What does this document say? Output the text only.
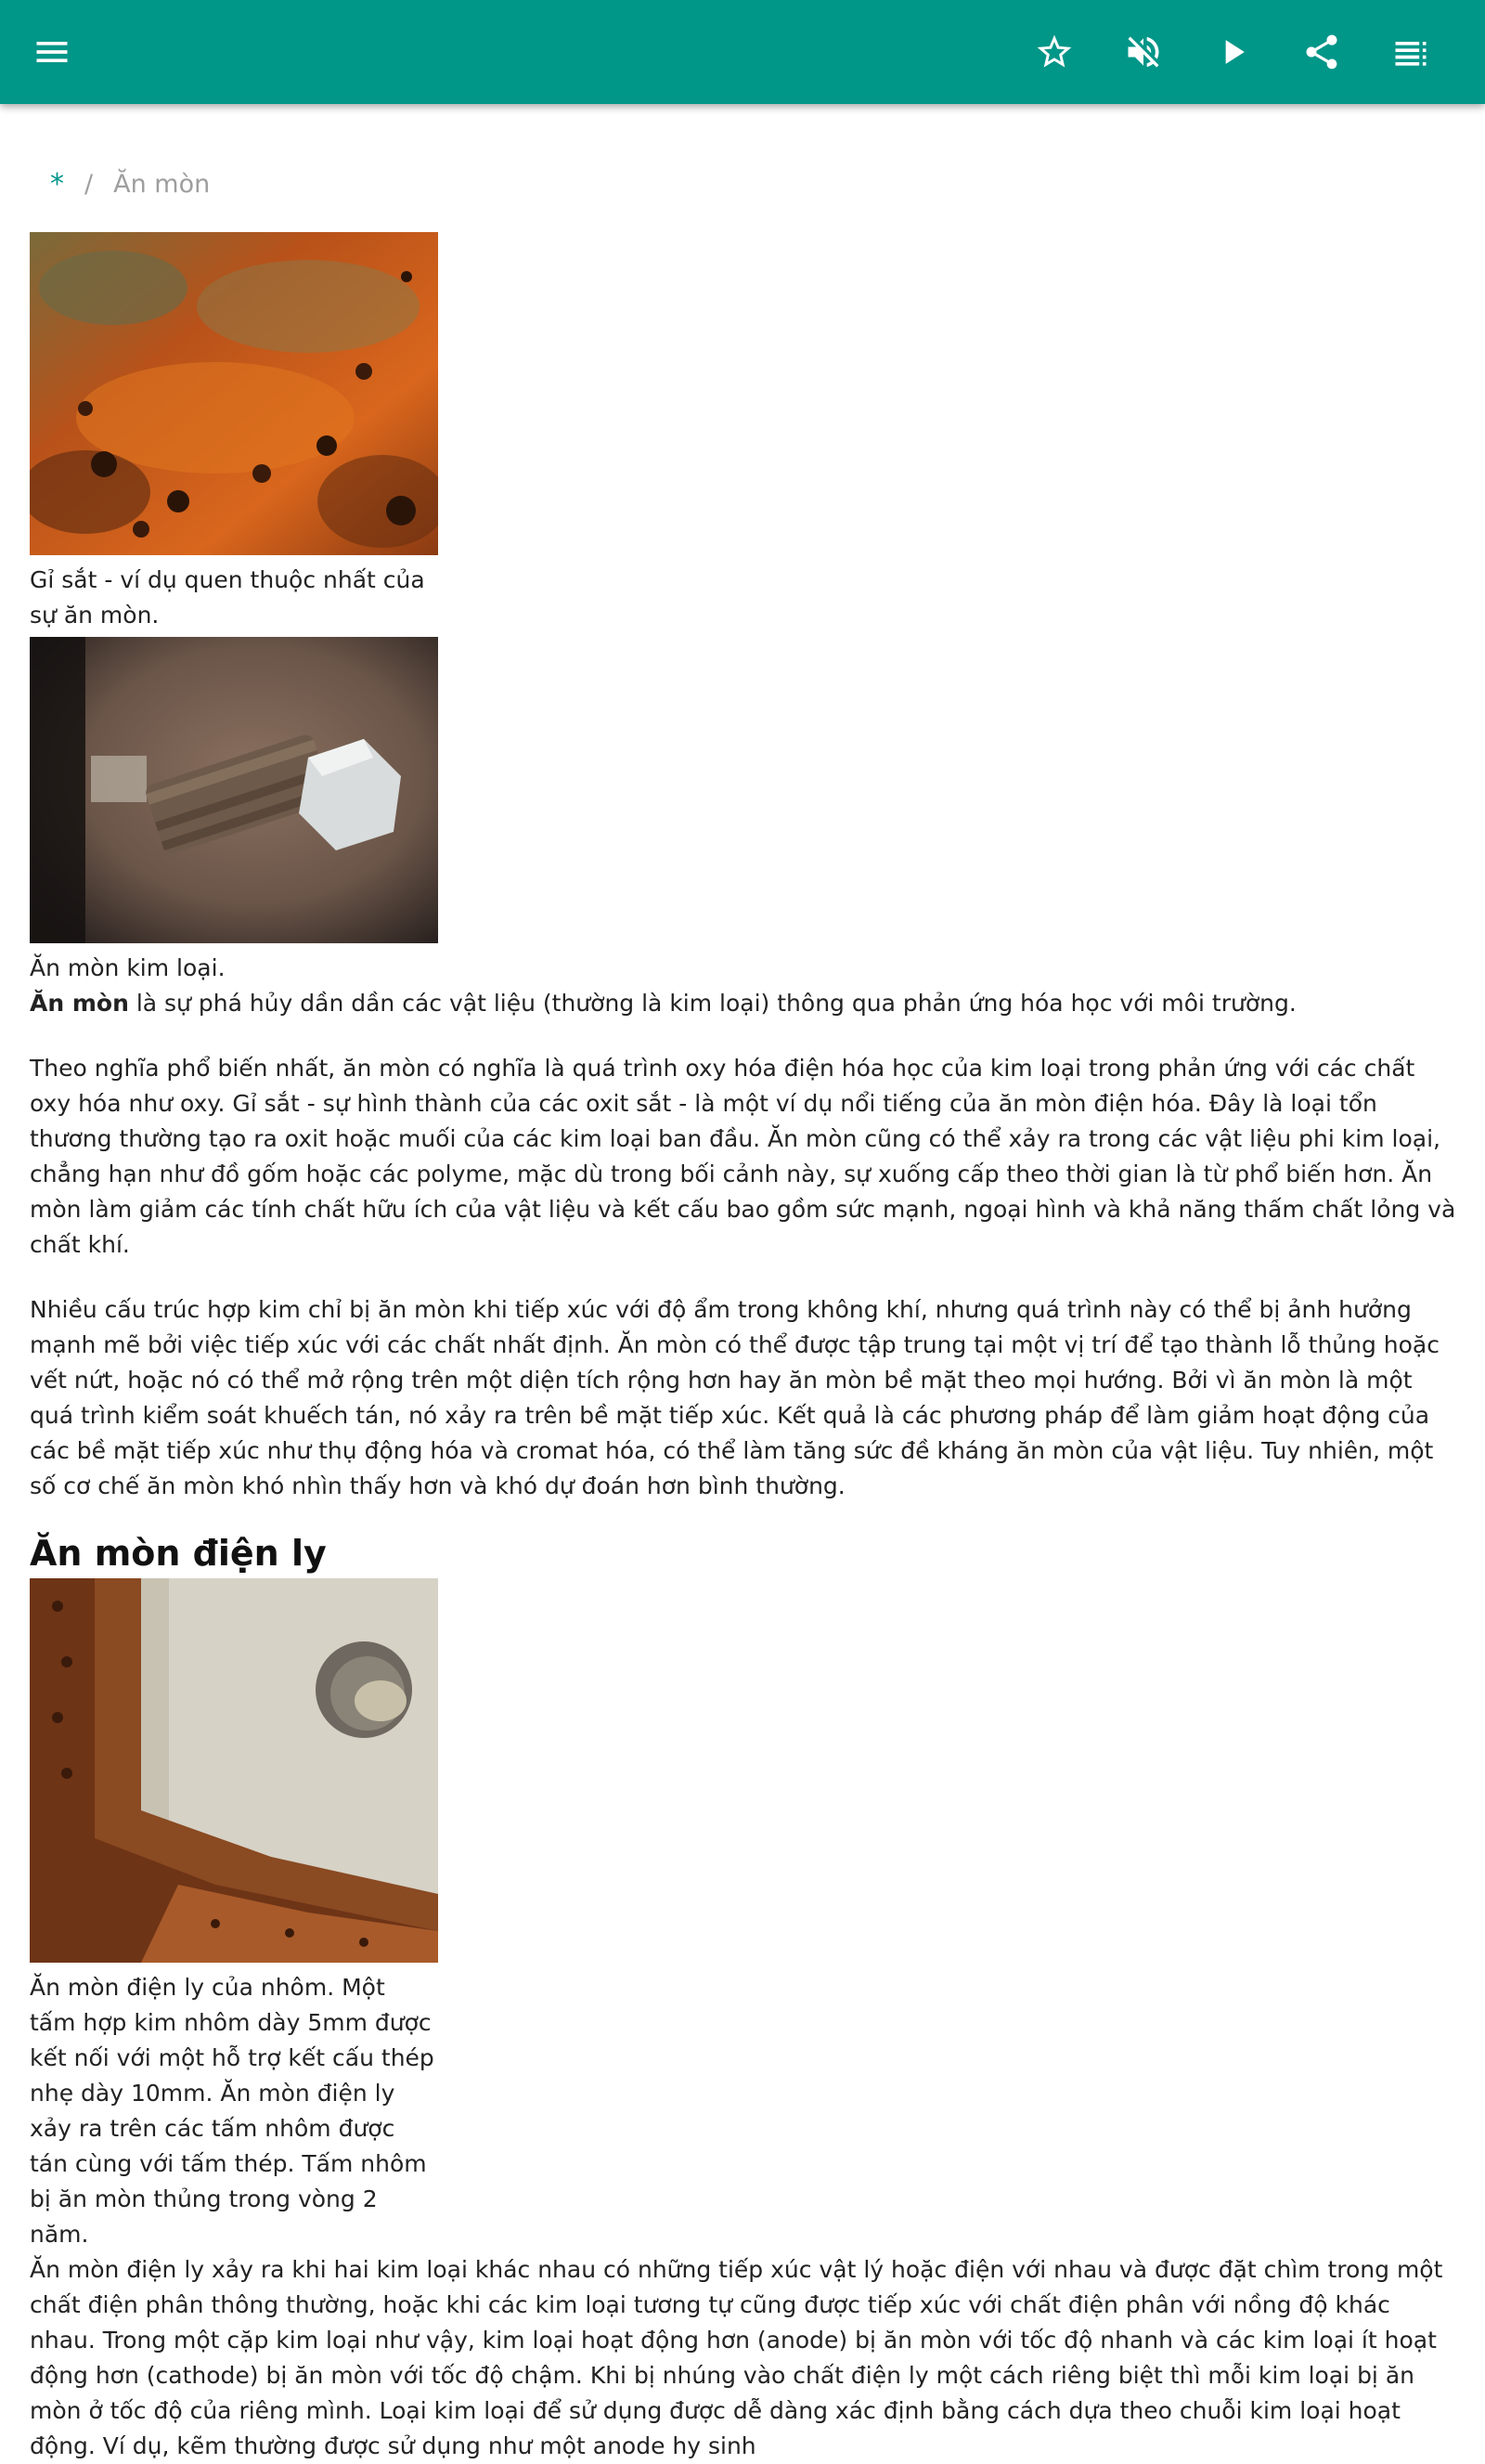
* / Ăn mòn
Gỉ sắt - ví dụ quen thuộc nhất của sự ăn mòn.
Ăn mòn kim loại.
Ăn mòn là sự phá hủy dần dần các vật liệu (thường là kim loại) thông qua phản ứng hóa học với môi trường.
Theo nghĩa phổ biến nhất, ăn mòn có nghĩa là quá trình oxy hóa điện hóa học của kim loại trong phản ứng với các chất oxy hóa như oxy. Gỉ sắt - sự hình thành của các oxit sắt - là một ví dụ nổi tiếng của ăn mòn điện hóa. Đây là loại tổn thương thường tạo ra oxit hoặc muối của các kim loại ban đầu. Ăn mòn cũng có thể xảy ra trong các vật liệu phi kim loại, chẳng hạn như đồ gốm hoặc các polyme, mặc dù trong bối cảnh này, sự xuống cấp theo thời gian là từ phổ biến hơn. Ăn mòn làm giảm các tính chất hữu ích của vật liệu và kết cấu bao gồm sức mạnh, ngoại hình và khả năng thấm chất lỏng và chất khí.
Nhiều cấu trúc hợp kim chỉ bị ăn mòn khi tiếp xúc với độ ẩm trong không khí, nhưng quá trình này có thể bị ảnh hưởng mạnh mẽ bởi việc tiếp xúc với các chất nhất định. Ăn mòn có thể được tập trung tại một vị trí để tạo thành lỗ thủng hoặc vết nứt, hoặc nó có thể mở rộng trên một diện tích rộng hơn hay ăn mòn bề mặt theo mọi hướng. Bởi vì ăn mòn là một quá trình kiểm soát khuếch tán, nó xảy ra trên bề mặt tiếp xúc. Kết quả là các phương pháp để làm giảm hoạt động của các bề mặt tiếp xúc như thụ động hóa và cromat hóa, có thể làm tăng sức đề kháng ăn mòn của vật liệu. Tuy nhiên, một số cơ chế ăn mòn khó nhìn thấy hơn và khó dự đoán hơn bình thường.
Ăn mòn điện ly
Ăn mòn điện ly của nhôm. Một tấm hợp kim nhôm dày 5mm được kết nối với một hỗ trợ kết cấu thép nhẹ dày 10mm. Ăn mòn điện ly xảy ra trên các tấm nhôm được tán cùng với tấm thép. Tấm nhôm bị ăn mòn thủng trong vòng 2 năm.
Ăn mòn điện ly xảy ra khi hai kim loại khác nhau có những tiếp xúc vật lý hoặc điện với nhau và được đặt chìm trong một chất điện phân thông thường, hoặc khi các kim loại tương tự cũng được tiếp xúc với chất điện phân với nồng độ khác nhau. Trong một cặp kim loại như vậy, kim loại hoạt động hơn (anode) bị ăn mòn với tốc độ nhanh và các kim loại ít hoạt động hơn (cathode) bị ăn mòn với tốc độ chậm. Khi bị nhúng vào chất điện ly một cách riêng biệt thì mỗi kim loại bị ăn mòn ở tốc độ của riêng mình. Loại kim loại để sử dụng được dễ dàng xác định bằng cách dựa theo chuỗi kim loại hoạt động. Ví dụ, kẽm thường được sử dụng như một anode hy sinh
